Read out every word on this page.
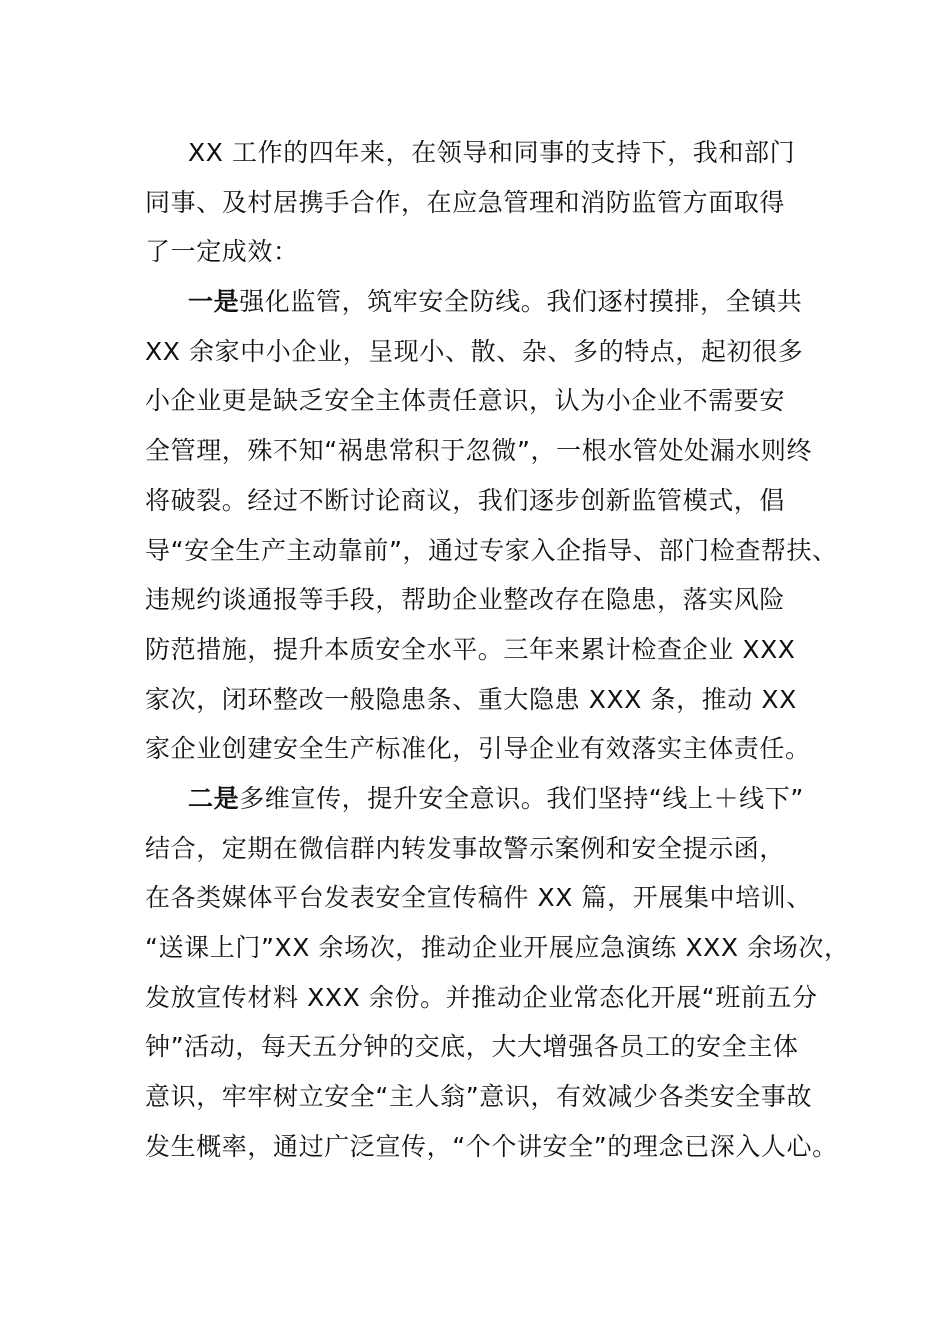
XX 工作的四年来，在领导和同事的支持下，我和部门
同事、及村居携手合作，在应急管理和消防监管方面取得
了一定成效：
一是强化监管，筑牢安全防线。我们逐村摸排，全镇共
XX 余家中小企业，呈现小、散、杂、多的特点，起初很多
小企业更是缺乏安全主体责任意识，认为小企业不需要安
全管理，殊不知“祸患常积于忽微”，一根水管处处漏水则终
将破裂。经过不断讨论商议，我们逐步创新监管模式，倡
导“安全生产主动靠前”，通过专家入企指导、部门检查帮扶、
违规约谈通报等手段，帮助企业整改存在隐患，落实风险
防范措施，提升本质安全水平。三年来累计检查企业 XXX
家次，闭环整改一般隐患条、重大隐患 XXX 条，推动 XX
家企业创建安全生产标准化，引导企业有效落实主体责任。
二是多维宣传，提升安全意识。我们坚持“线上＋线下”
结合，定期在微信群内转发事故警示案例和安全提示函，
在各类媒体平台发表安全宣传稿件 XX 篇，开展集中培训、
“送课上门”XX 余场次，推动企业开展应急演练 XXX 余场次，
发放宣传材料 XXX 余份。并推动企业常态化开展“班前五分
钟”活动，每天五分钟的交底，大大增强各员工的安全主体
意识，牢牢树立安全“主人翁”意识，有效减少各类安全事故
发生概率，通过广泛宣传，“个个讲安全”的理念已深入人心。
